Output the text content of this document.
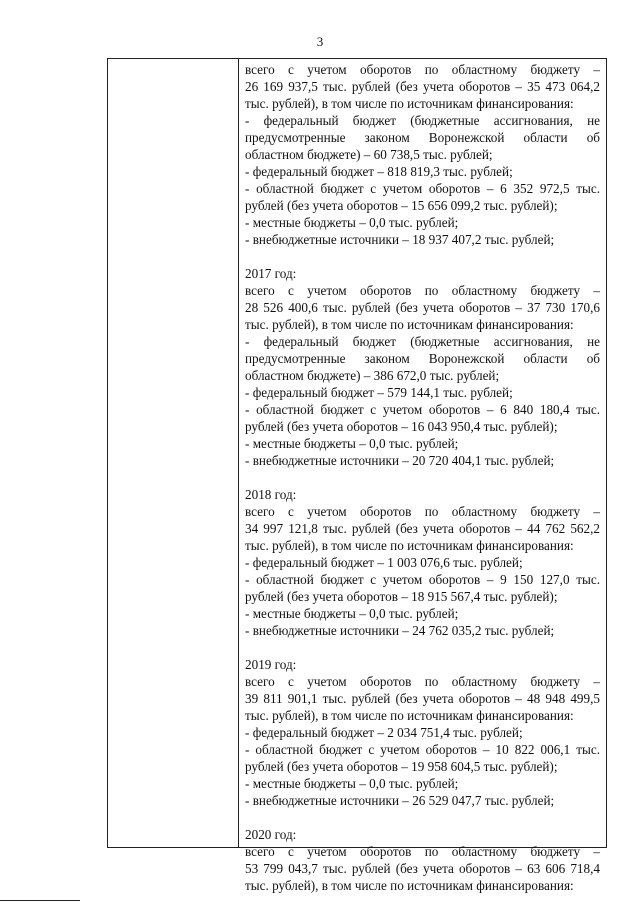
3
всего с учетом оборотов по областному бюджету –
26 169 937,5 тыс. рублей (без учета оборотов – 35 473 064,2
тыс. рублей), в том числе по источникам финансирования:
- федеральный бюджет (бюджетные ассигнования, не
предусмотренные законом Воронежской области об
областном бюджете) – 60 738,5 тыс. рублей;
- федеральный бюджет – 818 819,3 тыс. рублей;
- областной бюджет с учетом оборотов – 6 352 972,5 тыс.
рублей (без учета оборотов – 15 656 099,2 тыс. рублей);
- местные бюджеты – 0,0 тыс. рублей;
- внебюджетные источники – 18 937 407,2 тыс. рублей;
2017 год:
всего с учетом оборотов по областному бюджету –
28 526 400,6 тыс. рублей (без учета оборотов – 37 730 170,6
тыс. рублей), в том числе по источникам финансирования:
- федеральный бюджет (бюджетные ассигнования, не
предусмотренные законом Воронежской области об
областном бюджете) – 386 672,0 тыс. рублей;
- федеральный бюджет – 579 144,1 тыс. рублей;
- областной бюджет с учетом оборотов – 6 840 180,4 тыс.
рублей (без учета оборотов – 16 043 950,4 тыс. рублей);
- местные бюджеты – 0,0 тыс. рублей;
- внебюджетные источники – 20 720 404,1 тыс. рублей;
2018 год:
всего с учетом оборотов по областному бюджету –
34 997 121,8 тыс. рублей (без учета оборотов – 44 762 562,2
тыс. рублей), в том числе по источникам финансирования:
- федеральный бюджет – 1 003 076,6 тыс. рублей;
- областной бюджет с учетом оборотов – 9 150 127,0 тыс.
рублей (без учета оборотов – 18 915 567,4 тыс. рублей);
- местные бюджеты – 0,0 тыс. рублей;
- внебюджетные источники – 24 762 035,2 тыс. рублей;
2019 год:
всего с учетом оборотов по областному бюджету –
39 811 901,1 тыс. рублей (без учета оборотов – 48 948 499,5
тыс. рублей), в том числе по источникам финансирования:
- федеральный бюджет – 2 034 751,4 тыс. рублей;
- областной бюджет с учетом оборотов – 10 822 006,1 тыс.
рублей (без учета оборотов – 19 958 604,5 тыс. рублей);
- местные бюджеты – 0,0 тыс. рублей;
- внебюджетные источники – 26 529 047,7 тыс. рублей;
2020 год:
всего с учетом оборотов по областному бюджету –
53 799 043,7 тыс. рублей (без учета оборотов – 63 606 718,4
тыс. рублей), в том числе по источникам финансирования:
